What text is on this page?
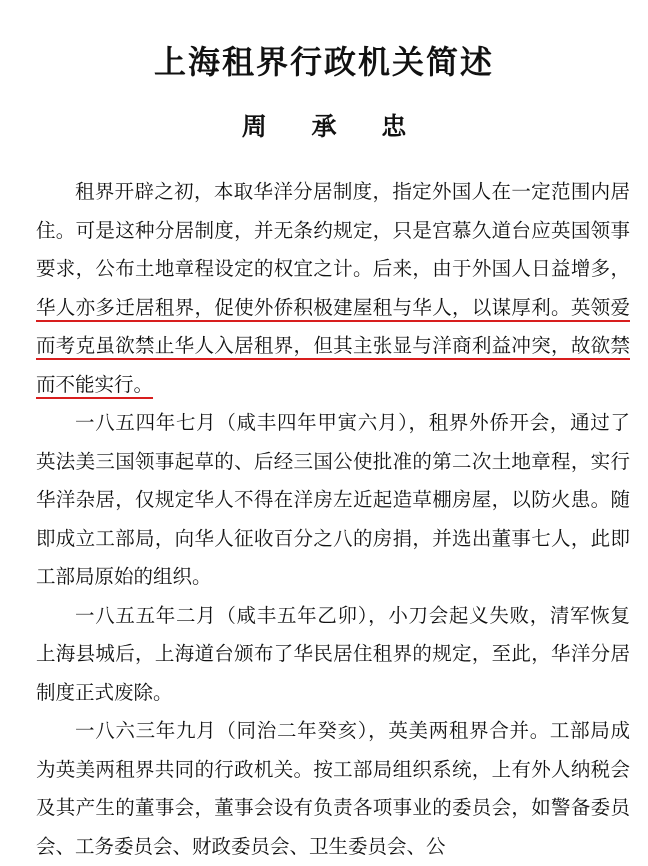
上海租界行政机关简述
周 承 忠

租界开辟之初，本取华洋分居制度，指定外国人在一定范围内居住。可是这种分居制度，并无条约规定，只是宫慕久道台应英国领事要求，公布土地章程设定的权宜之计。后来，由于外国人日益增多，华人亦多迁居租界，促使外侨积极建屋租与华人，以谋厚利。英领爱而考克虽欲禁止华人入居租界，但其主张显与洋商利益冲突，故欲禁而不能实行。

一八五四年七月（咸丰四年甲寅六月），租界外侨开会，通过了英法美三国领事起草的、后经三国公使批准的第二次土地章程，实行华洋杂居，仅规定华人不得在洋房左近起造草棚房屋，以防火患。随即成立工部局，向华人征收百分之八的房捐，并选出董事七人，此即工部局原始的组织。

一八五五年二月（咸丰五年乙卯），小刀会起义失败，清军恢复上海县城后，上海道台颁布了华民居住租界的规定，至此，华洋分居制度正式废除。

一八六三年九月（同治二年癸亥），英美两租界合并。工部局成为英美两租界共同的行政机关。按工部局组织系统，上有外人纳税会及其产生的董事会，董事会设有负责各项事业的委员会，如警备委员会、工务委员会、财政委员会、卫生委员会、公
